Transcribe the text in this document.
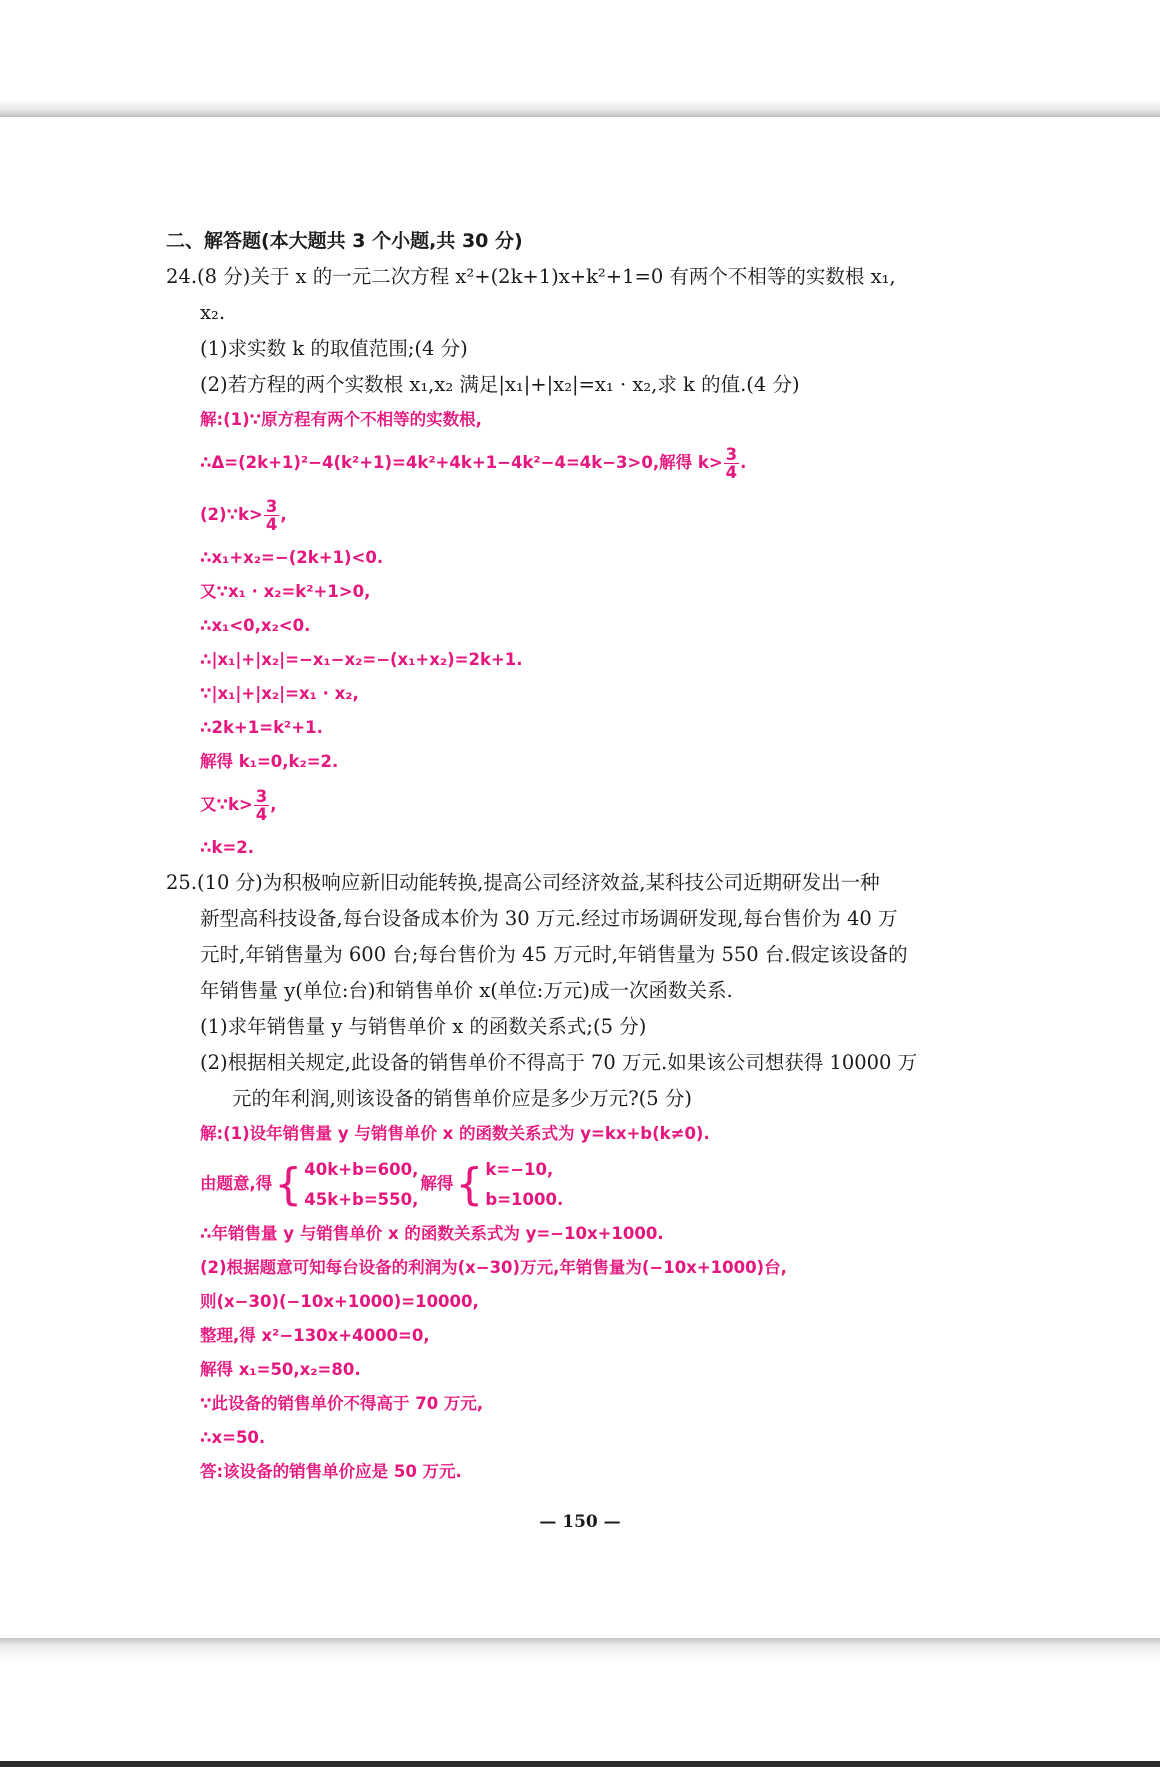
二、解答题(本大题共 3 个小题,共 30 分)
24.(8 分)关于 x 的一元二次方程 x²+(2k+1)x+k²+1=0 有两个不相等的实数根 x₁,
x₂.
(1)求实数 k 的取值范围;(4 分)
(2)若方程的两个实数根 x₁,x₂ 满足|x₁|+|x₂|=x₁ · x₂,求 k 的值.(4 分)
解:(1)∵原方程有两个不相等的实数根,
∴Δ=(2k+1)²−4(k²+1)=4k²+4k+1−4k²−4=4k−3>0,解得 $k> \frac{3}{4}$ .
(2)∵k> $\frac{3}{4}$ ,
∴x₁+x₂=−(2k+1)<0.
又∵x₁ · x₂=k²+1>0,
∴x₁<0,x₂<0.
∴|x₁|+|x₂|=−x₁−x₂=−(x₁+x₂)=2k+1.
∵|x₁|+|x₂|=x₁ · x₂,
∴2k+1=k²+1.
解得 k₁=0,k₂=2.
又∵k> $\frac{3}{4}$ ,
∴k=2.
25.(10 分)为积极响应新旧动能转换,提高公司经济效益,某科技公司近期研发出一种
新型高科技设备,每台设备成本价为 30 万元.经过市场调研发现,每台售价为 40 万
元时,年销售量为 600 台;每台售价为 45 万元时,年销售量为 550 台.假定该设备的
年销售量 y(单位:台)和销售单价 x(单位:万元)成一次函数关系.
(1)求年销售量 y 与销售单价 x 的函数关系式;(5 分)
(2)根据相关规定,此设备的销售单价不得高于 70 万元.如果该公司想获得 10000 万
元的年利润,则该设备的销售单价应是多少万元?(5 分)
解:(1)设年销售量 y 与销售单价 x 的函数关系式为 y=kx+b(k≠0).
由题意,得 { 40k+b=600,
45k+b=550,
解得 { k=−10,
b=1000.
∴年销售量 y 与销售单价 x 的函数关系式为 y=−10x+1000.
(2)根据题意可知每台设备的利润为(x−30)万元,年销售量为(−10x+1000)台,
则(x−30)(−10x+1000)=10000,
整理,得 x²−130x+4000=0,
解得 x₁=50,x₂=80.
∵此设备的销售单价不得高于 70 万元,
∴x=50.
答:该设备的销售单价应是 50 万元.
— 150 —
